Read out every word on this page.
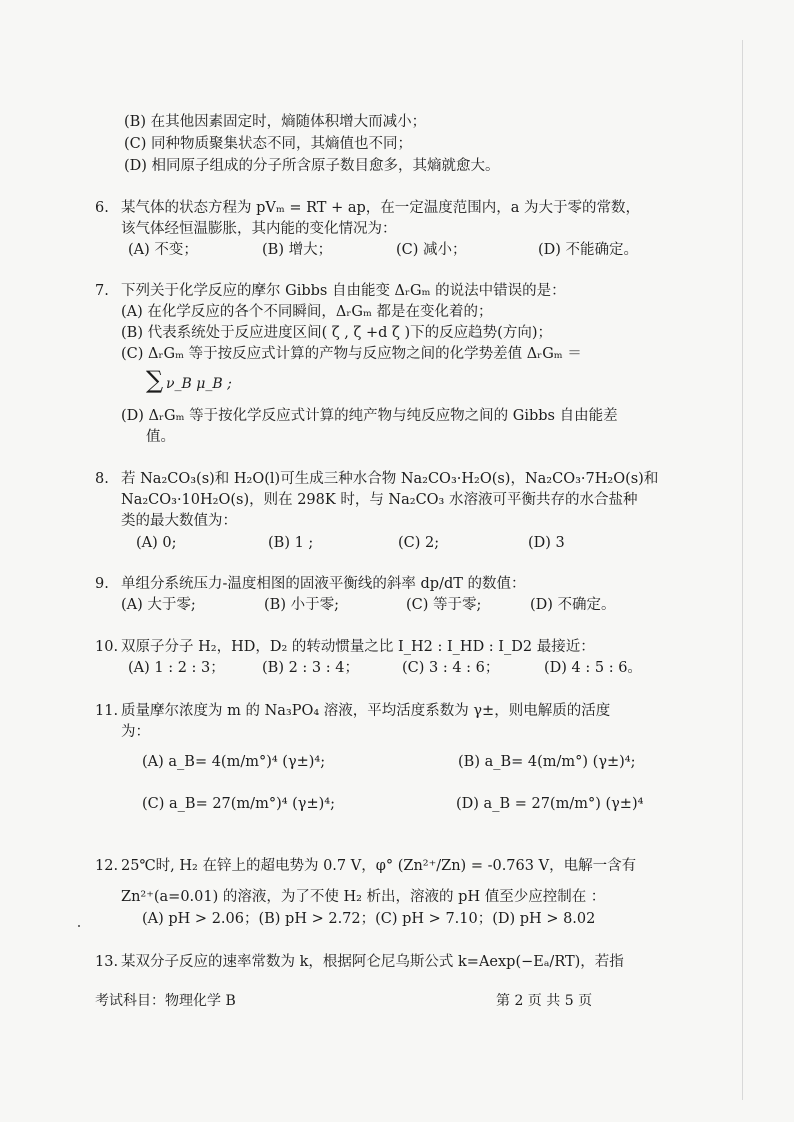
(B) 在其他因素固定时，熵随体积增大而减小；
(C) 同种物质聚集状态不同，其熵值也不同；
(D) 相同原子组成的分子所含原子数目愈多，其熵就愈大。
6. 某气体的状态方程为 pVₘ = RT + ap，在一定温度范围内，a 为大于零的常数，
该气体经恒温膨胀，其内能的变化情况为：
(A) 不变；	(B) 增大；	(C) 减小；	(D) 不能确定。
7. 下列关于化学反应的摩尔 Gibbs 自由能变 ΔᵣGₘ 的说法中错误的是：
(A) 在化学反应的各个不同瞬间，ΔᵣGₘ 都是在变化着的；
(B) 代表系统处于反应进度区间( ζ , ζ +d ζ )下的反应趋势(方向)；
(C) ΔᵣGₘ 等于按反应式计算的产物与反应物之间的化学势差值 ΔᵣGₘ ＝
∑ ν_B μ_B ;
(D) ΔᵣGₘ 等于按化学反应式计算的纯产物与纯反应物之间的 Gibbs 自由能差
值。
8. 若 Na₂CO₃(s)和 H₂O(l)可生成三种水合物 Na₂CO₃·H₂O(s)，Na₂CO₃·7H₂O(s)和
Na₂CO₃·10H₂O(s)，则在 298K 时，与 Na₂CO₃ 水溶液可平衡共存的水合盐种
类的最大数值为：
(A) 0;	(B) 1 ;	(C) 2;	(D) 3
9. 单组分系统压力-温度相图的固液平衡线的斜率 dp/dT 的数值：
(A) 大于零;	(B) 小于零;	(C) 等于零;	(D) 不确定。
10. 双原子分子 H₂，HD，D₂ 的转动惯量之比 I_H2 : I_HD : I_D2 最接近：
(A) 1 : 2 : 3；	(B) 2 : 3 : 4；	(C) 3 : 4 : 6；	(D) 4 : 5 : 6。
11. 质量摩尔浓度为 m 的 Na₃PO₄ 溶液，平均活度系数为 γ±，则电解质的活度
为：
(A) a_B= 4(m/m°)⁴ (γ±)⁴;	(B) a_B= 4(m/m°) (γ±)⁴;
(C) a_B= 27(m/m°)⁴ (γ±)⁴;	(D) a_B = 27(m/m°) (γ±)⁴
12. 25℃时, H₂ 在锌上的超电势为 0.7 V，φ° (Zn²⁺/Zn) = -0.763 V，电解一含有
Zn²⁺(a=0.01) 的溶液，为了不使 H₂ 析出，溶液的 pH 值至少应控制在 ：
(A) pH > 2.06；(B) pH > 2.72；(C) pH > 7.10；(D) pH > 8.02
13. 某双分子反应的速率常数为 k，根据阿仑尼乌斯公式 k=Aexp(−Eₐ/RT)，若指
考试科目：物理化学 B	第 2 页 共 5 页
